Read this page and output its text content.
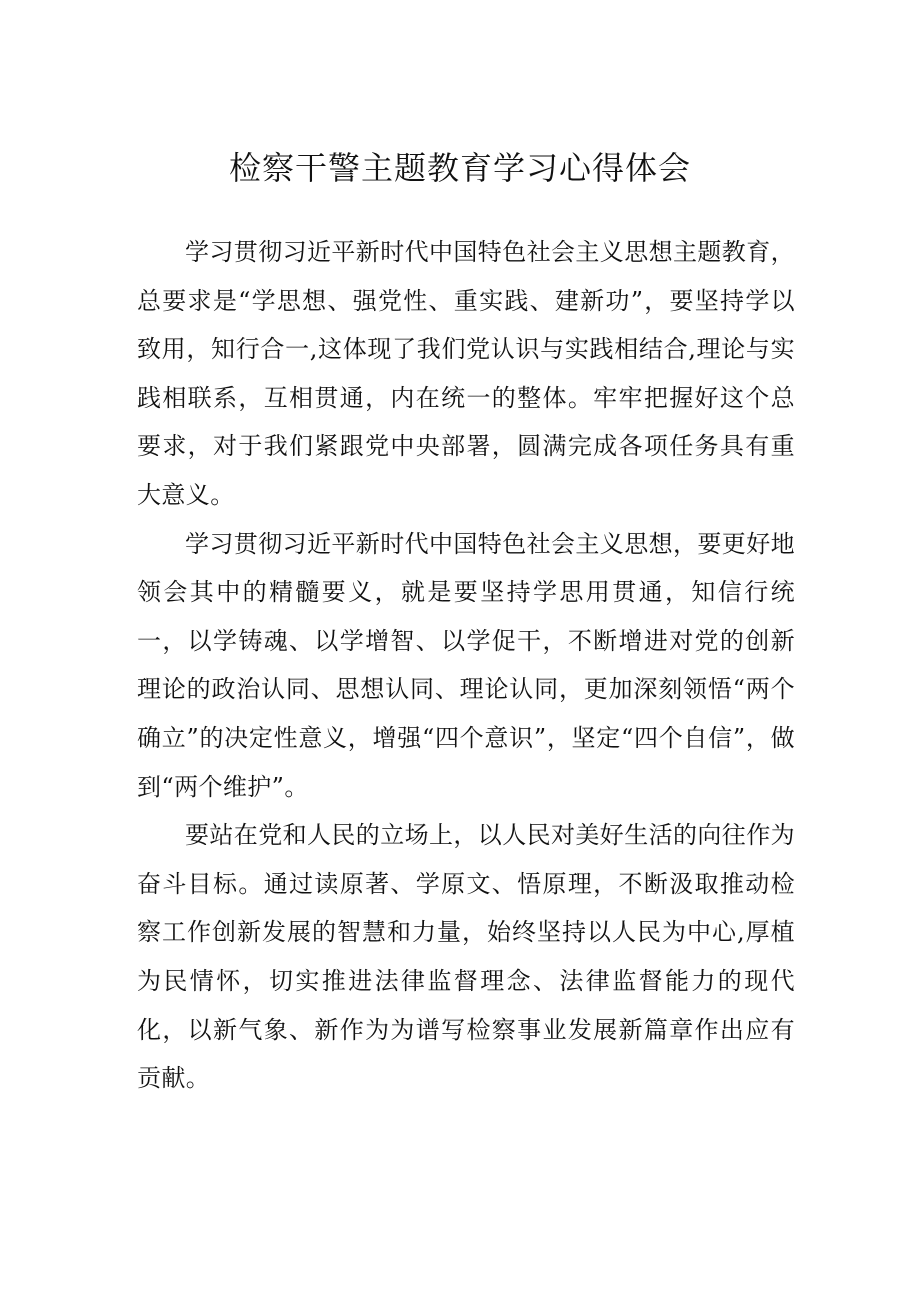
检察干警主题教育学习心得体会

学习贯彻习近平新时代中国特色社会主义思想主题教育，总要求是“学思想、强党性、重实践、建新功”，要坚持学以致用，知行合一,这体现了我们党认识与实践相结合,理论与实践相联系，互相贯通，内在统一的整体。牢牢把握好这个总要求，对于我们紧跟党中央部署，圆满完成各项任务具有重大意义。

学习贯彻习近平新时代中国特色社会主义思想，要更好地领会其中的精髓要义，就是要坚持学思用贯通，知信行统一，以学铸魂、以学增智、以学促干，不断增进对党的创新理论的政治认同、思想认同、理论认同，更加深刻领悟“两个确立”的决定性意义，增强“四个意识”，坚定“四个自信”，做到“两个维护”。

要站在党和人民的立场上，以人民对美好生活的向往作为奋斗目标。通过读原著、学原文、悟原理，不断汲取推动检察工作创新发展的智慧和力量，始终坚持以人民为中心,厚植为民情怀，切实推进法律监督理念、法律监督能力的现代化，以新气象、新作为为谱写检察事业发展新篇章作出应有贡献。
